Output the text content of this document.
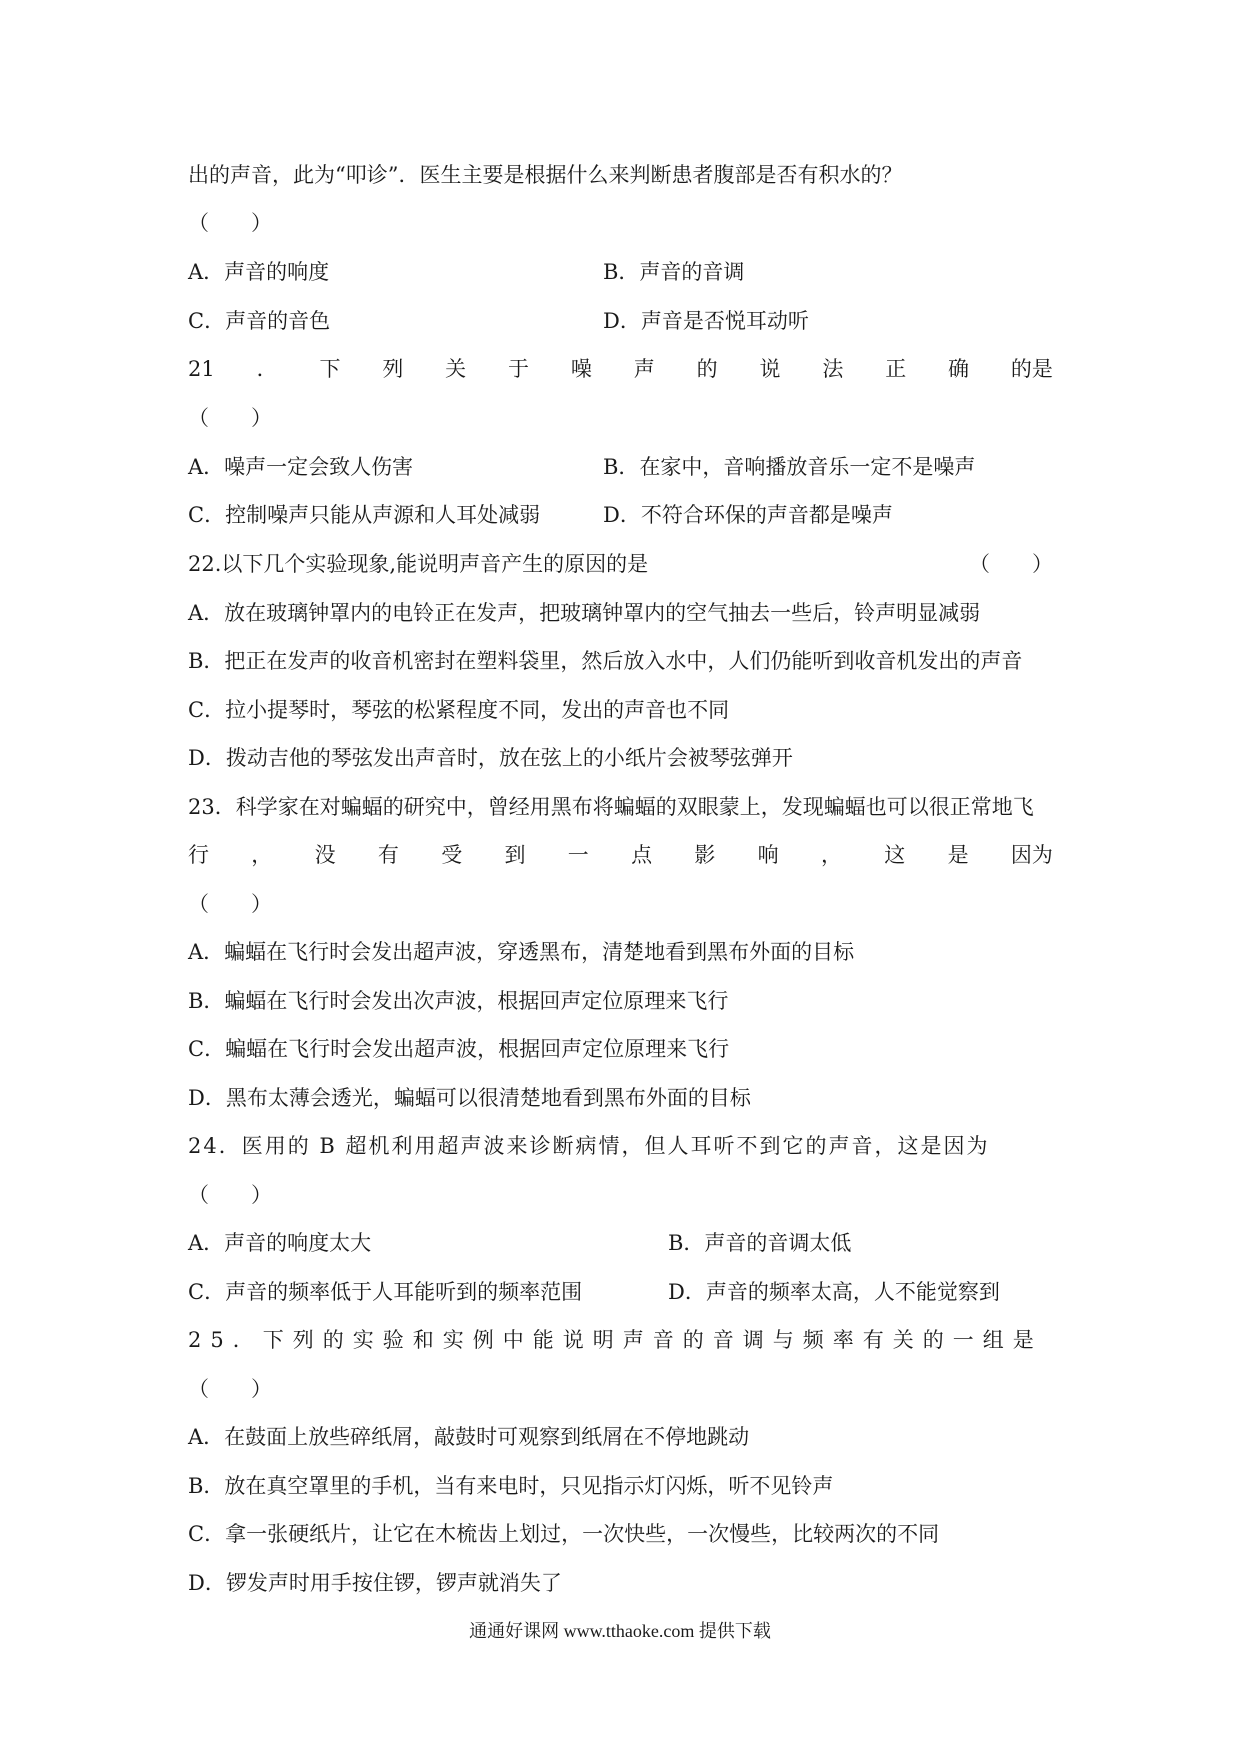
出的声音，此为“叩诊”．医生主要是根据什么来判断患者腹部是否有积水的？
（　　）
A．声音的响度	B．声音的音调
C．声音的音色	D．声音是否悦耳动听
21 ． 下 列 关 于 噪 声 的 说 法 正 确 的是
（　　）
A．噪声一定会致人伤害	B．在家中，音响播放音乐一定不是噪声
C．控制噪声只能从声源和人耳处减弱	D．不符合环保的声音都是噪声
22.以下几个实验现象,能说明声音产生的原因的是	（　　）
A．放在玻璃钟罩内的电铃正在发声，把玻璃钟罩内的空气抽去一些后，铃声明显减弱
B．把正在发声的收音机密封在塑料袋里，然后放入水中，人们仍能听到收音机发出的声音
C．拉小提琴时，琴弦的松紧程度不同，发出的声音也不同
D．拨动吉他的琴弦发出声音时，放在弦上的小纸片会被琴弦弹开
23．科学家在对蝙蝠的研究中，曾经用黑布将蝙蝠的双眼蒙上，发现蝙蝠也可以很正常地飞
行 ， 没 有 受 到 一 点 影 响 ， 这 是 因为
（　　）
A．蝙蝠在飞行时会发出超声波，穿透黑布，清楚地看到黑布外面的目标
B．蝙蝠在飞行时会发出次声波，根据回声定位原理来飞行
C．蝙蝠在飞行时会发出超声波，根据回声定位原理来飞行
D．黑布太薄会透光，蝙蝠可以很清楚地看到黑布外面的目标
24．医用的 B 超机利用超声波来诊断病情，但人耳听不到它的声音，这是因为
（　　）
A．声音的响度太大	B．声音的音调太低
C．声音的频率低于人耳能听到的频率范围	D．声音的频率太高，人不能觉察到
25．下列的实验和实例中能说明声音的音调与频率有关的一组是
（　　）
A．在鼓面上放些碎纸屑，敲鼓时可观察到纸屑在不停地跳动
B．放在真空罩里的手机，当有来电时，只见指示灯闪烁，听不见铃声
C．拿一张硬纸片，让它在木梳齿上划过，一次快些，一次慢些，比较两次的不同
D．锣发声时用手按住锣，锣声就消失了
通通好课网 www.tthaoke.com 提供下载
